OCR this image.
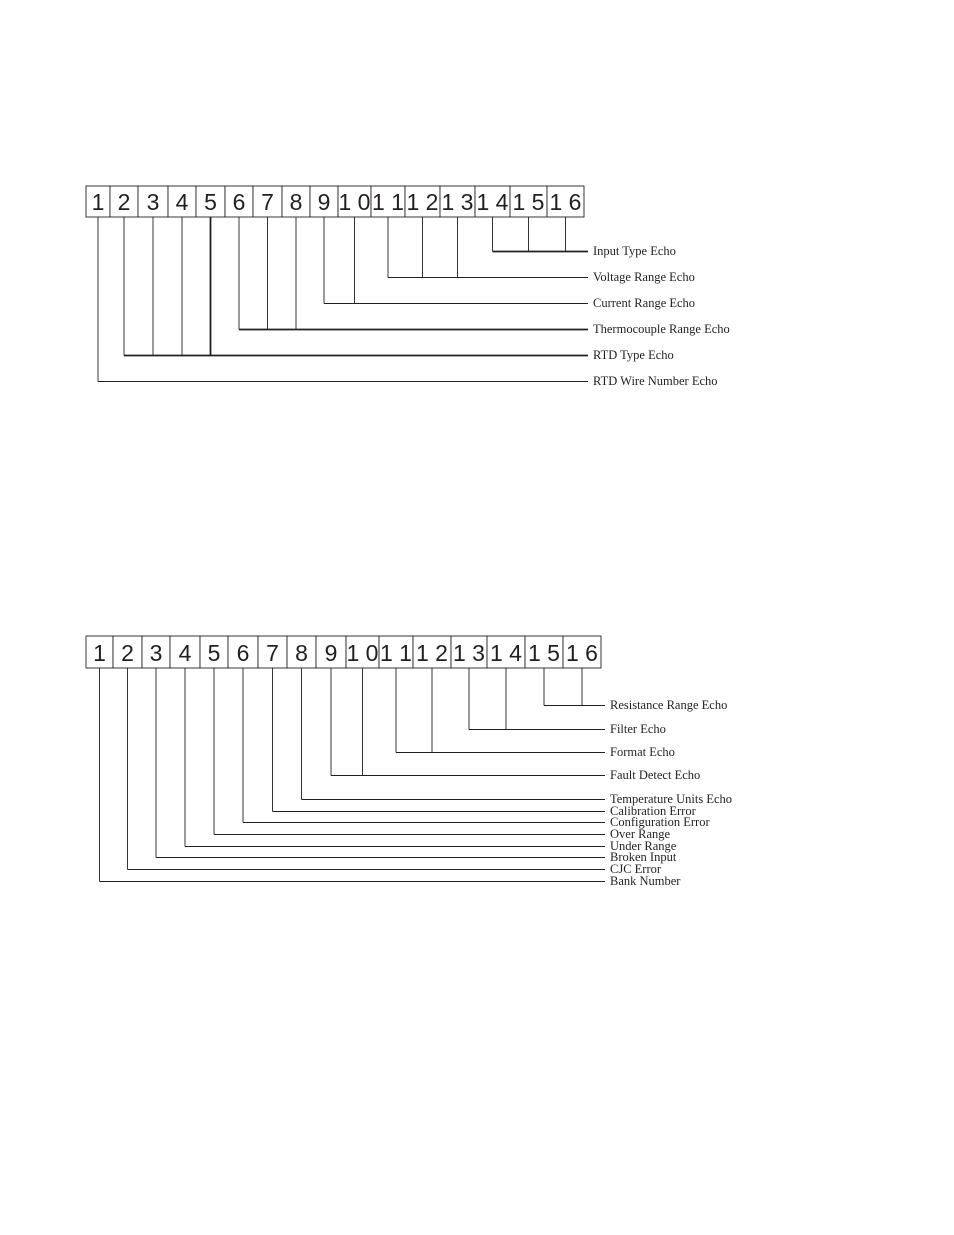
1 2 3 4 5 6 7 8 9 1 0 1 1 1 2 1 3 1 4 1 5 1 6
Input Type Echo
Voltage Range Echo
Current Range Echo
Thermocouple Range Echo
RTD Type Echo
RTD Wire Number Echo
1 2 3 4 5 6 7 8 9 1 0 1 1 1 2 1 3 1 4 1 5 1 6
Resistance Range Echo
Filter Echo
Format Echo
Fault Detect Echo
Temperature Units Echo
Calibration Error
Configuration Error
Over Range
Under Range
Broken Input
CJC Error
Bank Number
